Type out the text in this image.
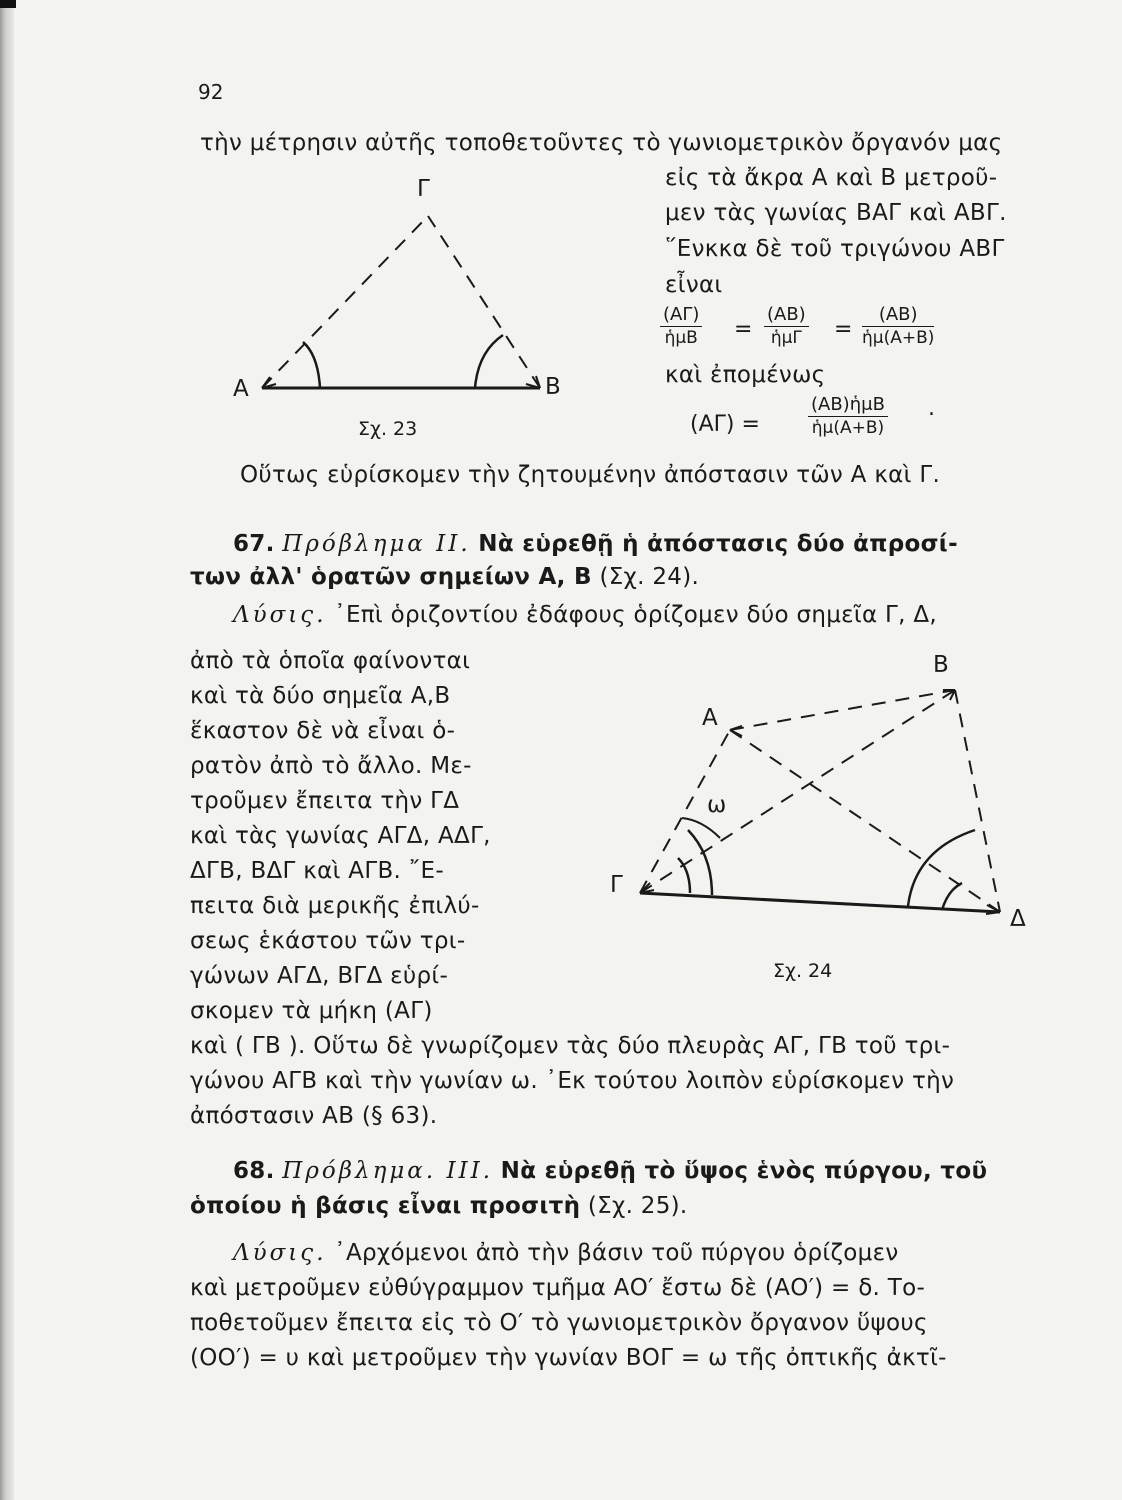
92
τὴν μέτρησιν αὐτῆς τοποθετοῦντες τὸ γωνιομετρικὸν ὄργανόν μας
εἰς τὰ ἄκρα Α καὶ Β μετροῦ-
μεν τὰς γωνίας ΒΑΓ καὶ ΑΒΓ.
῞Ενκκα δὲ τοῦ τριγώνου ΑΒΓ
εἶναι
(ΑΓ)
ἡμΒ =
(ΑΒ)
ἡμΓ	= $\frac{(AB)}{\text{ἡμ(Α+Β)}}$
καὶ ἐπομένως
(ΑΓ) =
(ΑΒ)ἡμΒ
ἡμ(Α+Β)
.
Α	Β
Γ
Σχ. 23
Οὕτως εὑρίσκομεν τὴν ζητουμένην ἀπόστασιν τῶν Α καὶ Γ.
67. Πρόβλημα ΙΙ. Νὰ εὑρεθῇ ἡ ἀπόστασις δύο ἀπροσί-
των ἀλλ' ὁρατῶν σημείων Α, Β (Σχ. 24).
Λύσις. ᾿Επὶ ὁριζοντίου ἐδάφους ὁρίζομεν δύο σημεῖα Γ, Δ,
ἀπὸ τὰ ὁποῖα φαίνονται
καὶ τὰ δύο σημεῖα Α,Β
ἕκαστον δὲ νὰ εἶναι ὁ-
ρατὸν ἀπὸ τὸ ἄλλο. Με-
τροῦμεν ἔπειτα τὴν ΓΔ
καὶ τὰς γωνίας ΑΓΔ, ΑΔΓ,
ΔΓΒ, ΒΔΓ καὶ ΑΓΒ. ῎Ε-
πειτα διὰ μερικῆς ἐπιλύ-
σεως ἑκάστου τῶν τρι-
γώνων ΑΓΔ, ΒΓΔ εὑρί-
σκομεν τὰ μήκη (ΑΓ)
καὶ ( ΓΒ ). Οὕτω δὲ γνωρίζομεν τὰς δύο πλευρὰς ΑΓ, ΓΒ τοῦ τρι-
γώνου ΑΓΒ καὶ τὴν γωνίαν ω. ᾿Εκ τούτου λοιπὸν εὑρίσκομεν τὴν
ἀπόστασιν ΑΒ (§ 63).
Β
Α
Γ
Δ
ω
Σχ. 24
68. Πρόβλημα. ΙΙΙ. Νὰ εὑρεθῇ τὸ ὕψος ἑνὸς πύργου, τοῦ
ὁποίου ἡ βάσις εἶναι προσιτὴ (Σχ. 25).
Λύσις. ᾿Αρχόμενοι ἀπὸ τὴν βάσιν τοῦ πύργου ὁρίζομεν
καὶ μετροῦμεν εὐθύγραμμον τμῆμα ΑΟ′ ἔστω δὲ (ΑΟ′) = δ. Το-
ποθετοῦμεν ἔπειτα εἰς τὸ Ο′ τὸ γωνιομετρικὸν ὄργανον ὕψους
(ΟΟ′) = υ καὶ μετροῦμεν τὴν γωνίαν ΒΟΓ = ω τῆς ὀπτικῆς ἀκτῖ-
